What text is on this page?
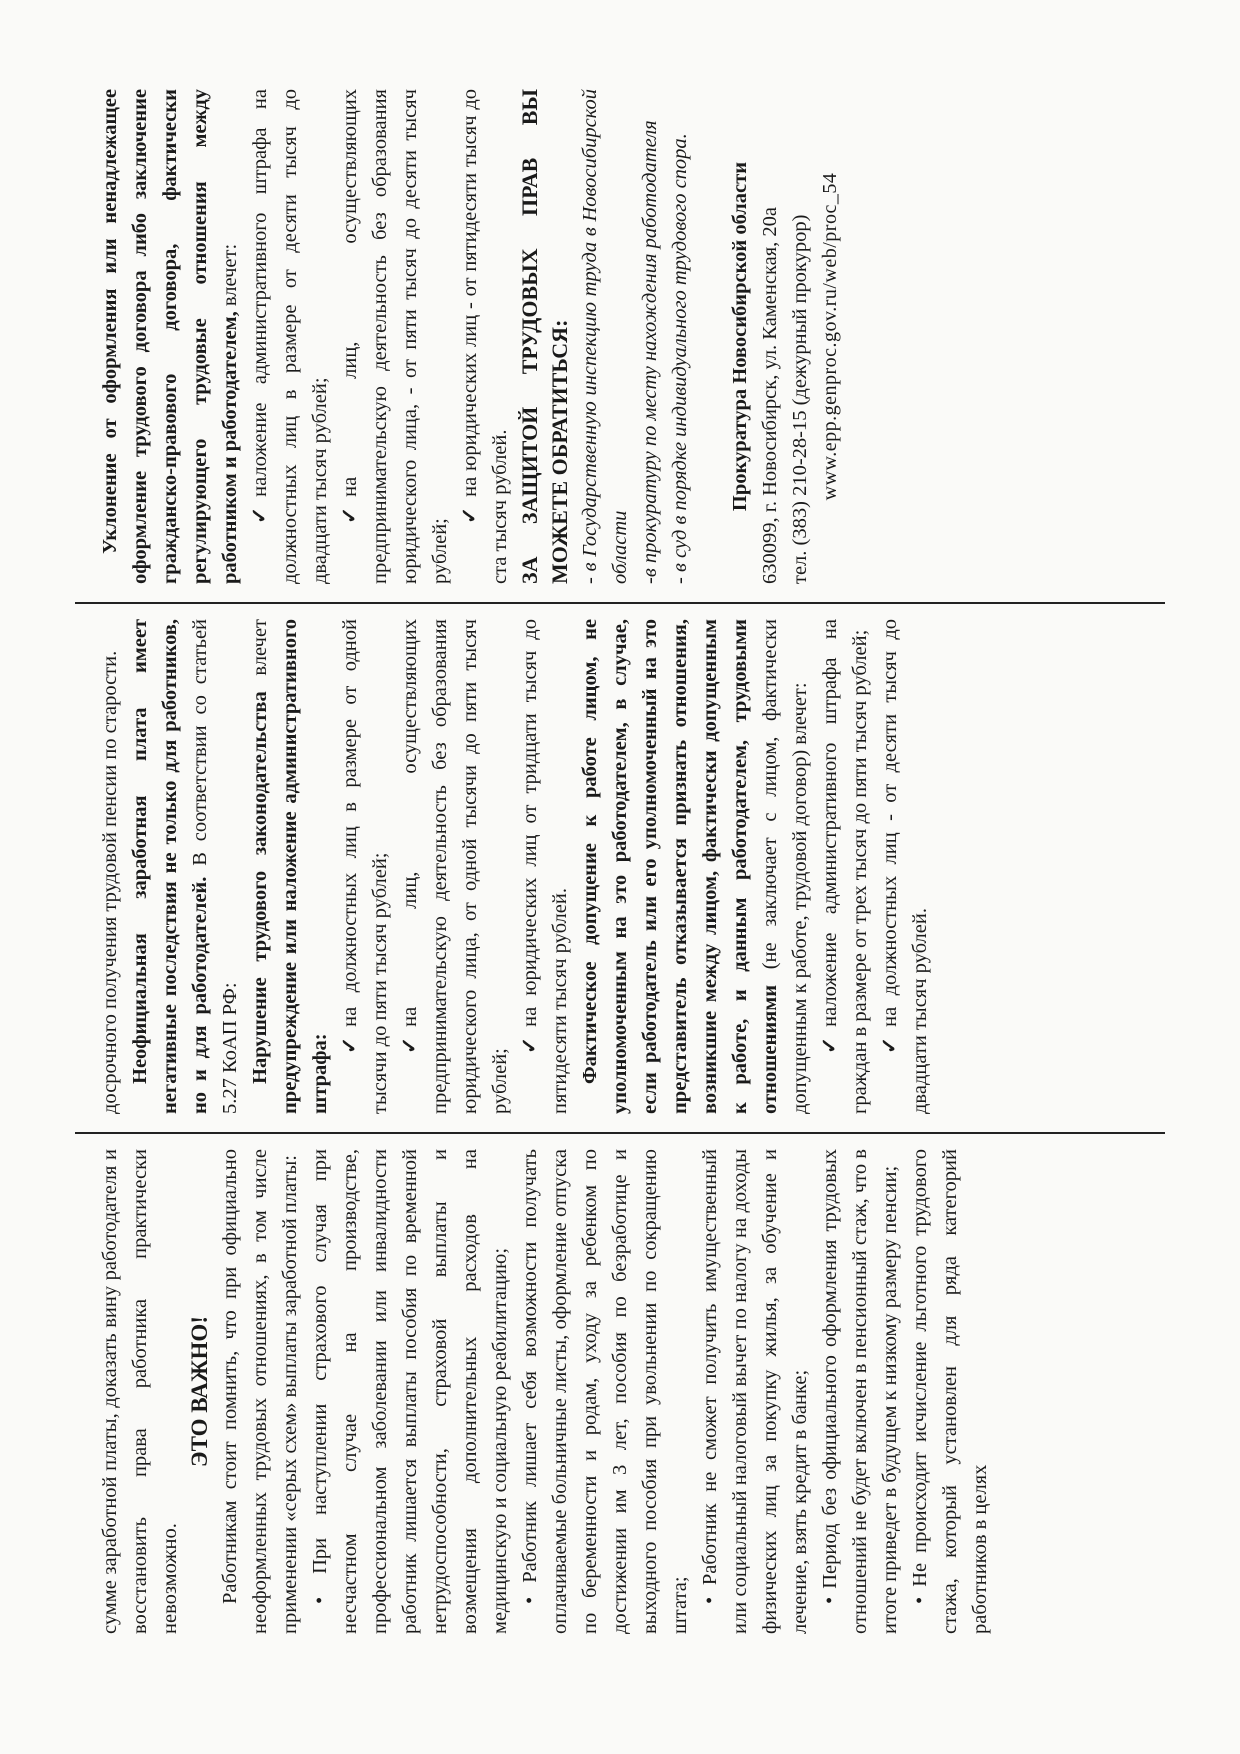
сумме заработной платы, доказать вину работодателя и восстановить права работника практически невозможно.

ЭТО ВАЖНО! Работникам стоит помнить, что при официально неоформленных трудовых отношениях, в том числе применении «серых схем» выплаты заработной платы: • При наступлении страхового случая при несчастном случае на производстве, профессиональном заболевании или инвалидности работник лишается выплаты пособия по временной нетрудоспособности, страховой выплаты и возмещения дополнительных расходов на медицинскую и социальную реабилитацию; • Работник лишает себя возможности получать оплачиваемые больничные листы, оформление отпуска по беременности и родам, уходу за ребенком по достижении им 3 лет, пособия по безработице и выходного пособия при увольнении по сокращению штата;

• Работник не сможет получить имущественный или социальный налоговый вычет по налогу на доходы физических лиц за покупку жилья, за обучение и лечение, взять кредит в банке; • Период без официального оформления трудовых отношений не будет включен в пенсионный стаж, что в итоге приведет в будущем к низкому размеру пенсии; • Не происходит исчисление льготного трудового стажа, который установлен для ряда категорий работников в целях

досрочного получения трудовой пенсии по старости. Неофициальная заработная плата имеет негативные последствия не только для работников, но и для работодателей. В соответствии со статьей 5.27 КоАП РФ: Нарушение трудового законодательства влечет предупреждение или наложение административного штрафа: ✓на должностных лиц в размере от одной тысячи до пяти тысяч рублей; ✓на лиц, осуществляющих предпринимательскую деятельность без образования юридического лица, от одной тысячи до пяти тысяч рублей;

✓на юридических лиц от тридцати тысяч до пятидесяти тысяч рублей. Фактическое допущение к работе лицом, не уполномоченным на это работодателем, в случае, если работодатель или его уполномоченный на это представитель отказывается признать отношения, возникшие между лицом, фактически допущенным к работе, и данным работодателем, трудовыми отношениями (не заключает с лицом, фактически допущенным к работе, трудовой договор) влечет: ✓наложение административного штрафа на граждан в размере от трех тысяч до пяти тысяч рублей; ✓на должностных лиц - от десяти тысяч до двадцати тысяч рублей.

Уклонение от оформления или ненадлежащее оформление трудового договора либо заключение гражданско-правового договора, фактически регулирующего трудовые отношения между работником и работодателем, влечет:

✓наложение административного штрафа на должностных лиц в размере от десяти тысяч до двадцати тысяч рублей; ✓на лиц, осуществляющих предпринимательскую деятельность без образования юридического лица, - от пяти тысяч до десяти тысяч рублей;

✓на юридических лиц - от пятидесяти тысяч до ста тысяч рублей. ЗА ЗАЩИТОЙ ТРУДОВЫХ ПРАВ ВЫ МОЖЕТЕ ОБРАТИТЬСЯ: - в Государственную инспекцию труда в Новосибирской области -в прокуратуру по месту нахождения работодателя - в суд в порядке индивидуального трудового спора. Прокуратура Новосибирской области 630099, г. Новосибирск, ул. Каменская, 20а тел. (383) 210-28-15 (дежурный прокурор) www.epp.genproc.gov.ru/web/proc_54
